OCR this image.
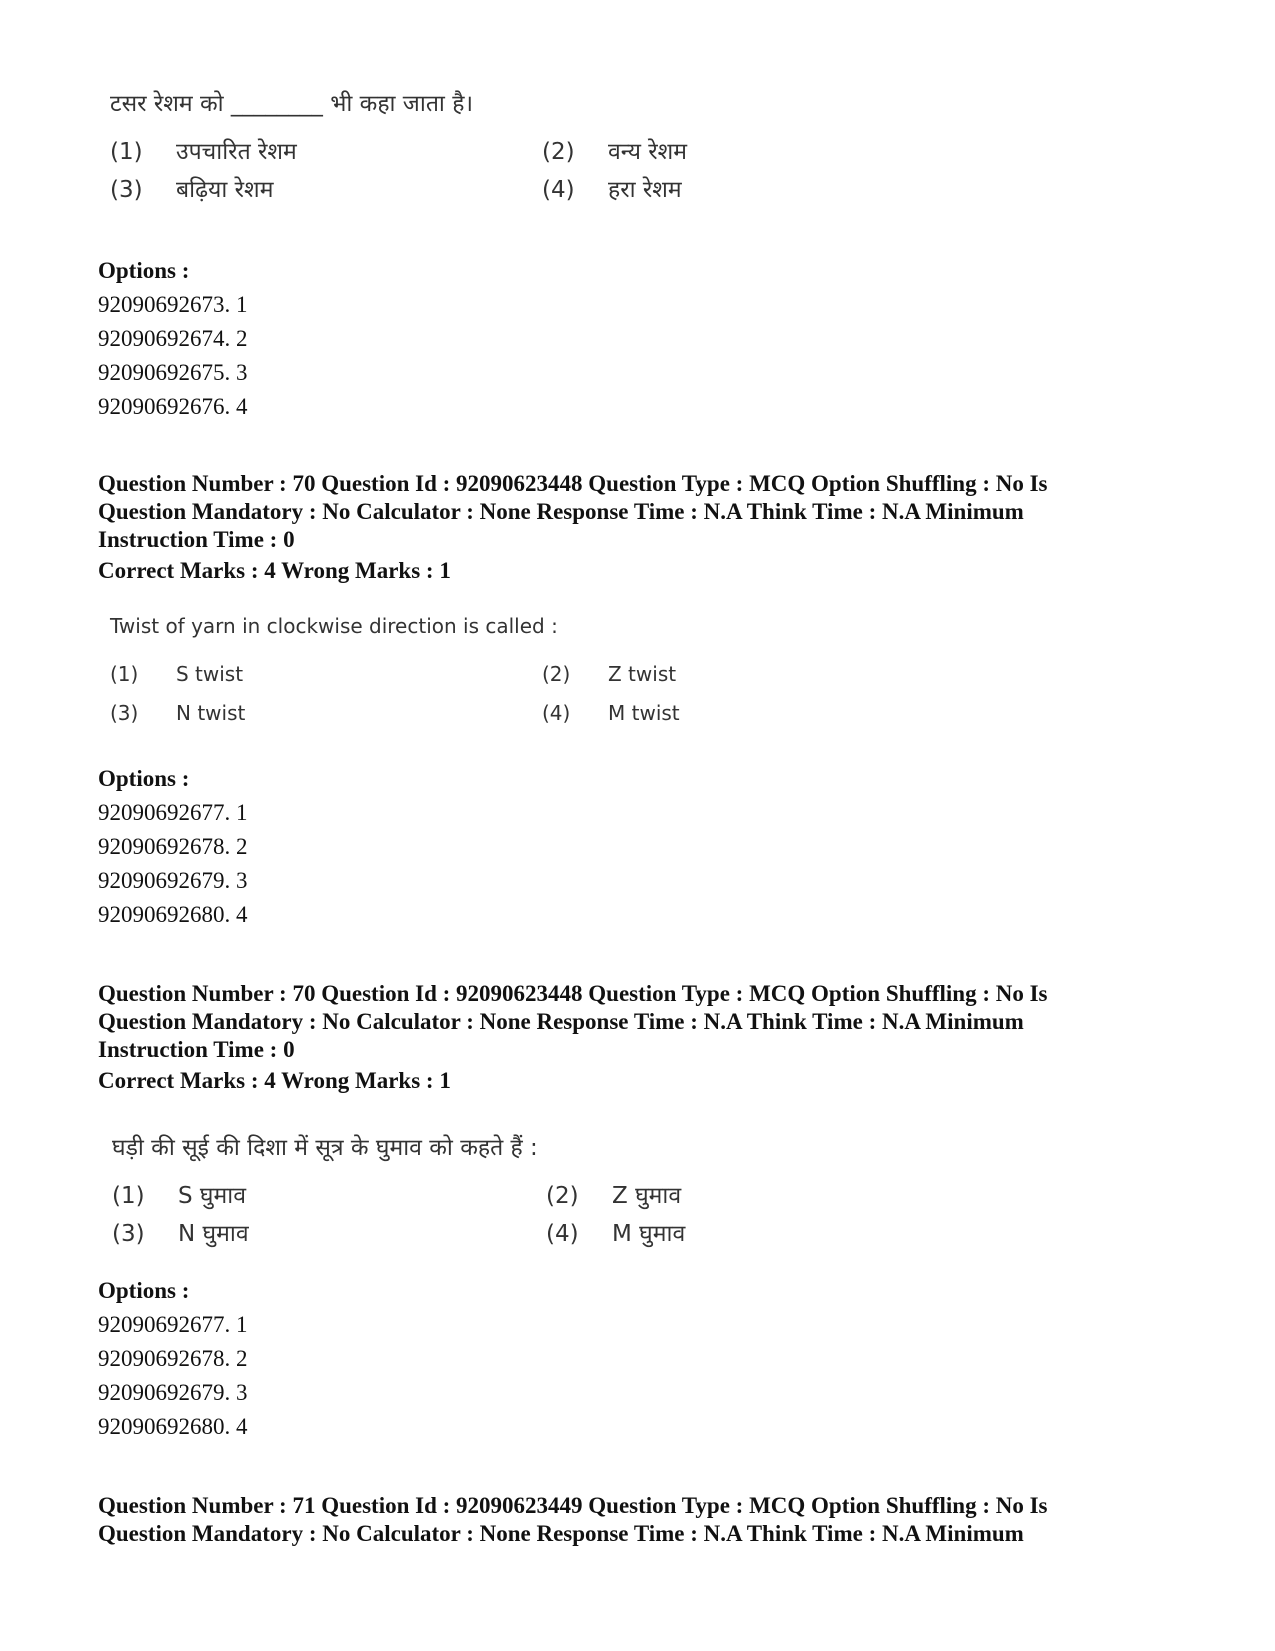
टसर रेशम को ________ भी कहा जाता है।
(1) उपचारित रेशम	(2) वन्य रेशम
(3) बढ़िया रेशम	(4) हरा रेशम
Options :
92090692673. 1
92090692674. 2
92090692675. 3
92090692676. 4
Question Number : 70 Question Id : 92090623448 Question Type : MCQ Option Shuffling : No Is
Question Mandatory : No Calculator : None Response Time : N.A Think Time : N.A Minimum
Instruction Time : 0
Correct Marks : 4 Wrong Marks : 1
Twist of yarn in clockwise direction is called :
(1) S twist	(2) Z twist
(3) N twist	(4) M twist
Options :
92090692677. 1
92090692678. 2
92090692679. 3
92090692680. 4
Question Number : 70 Question Id : 92090623448 Question Type : MCQ Option Shuffling : No Is
Question Mandatory : No Calculator : None Response Time : N.A Think Time : N.A Minimum
Instruction Time : 0
Correct Marks : 4 Wrong Marks : 1
घड़ी की सूई की दिशा में सूत्र के घुमाव को कहते हैं :
(1) S घुमाव	(2) Z घुमाव
(3) N घुमाव	(4) M घुमाव
Options :
92090692677. 1
92090692678. 2
92090692679. 3
92090692680. 4
Question Number : 71 Question Id : 92090623449 Question Type : MCQ Option Shuffling : No Is
Question Mandatory : No Calculator : None Response Time : N.A Think Time : N.A Minimum
